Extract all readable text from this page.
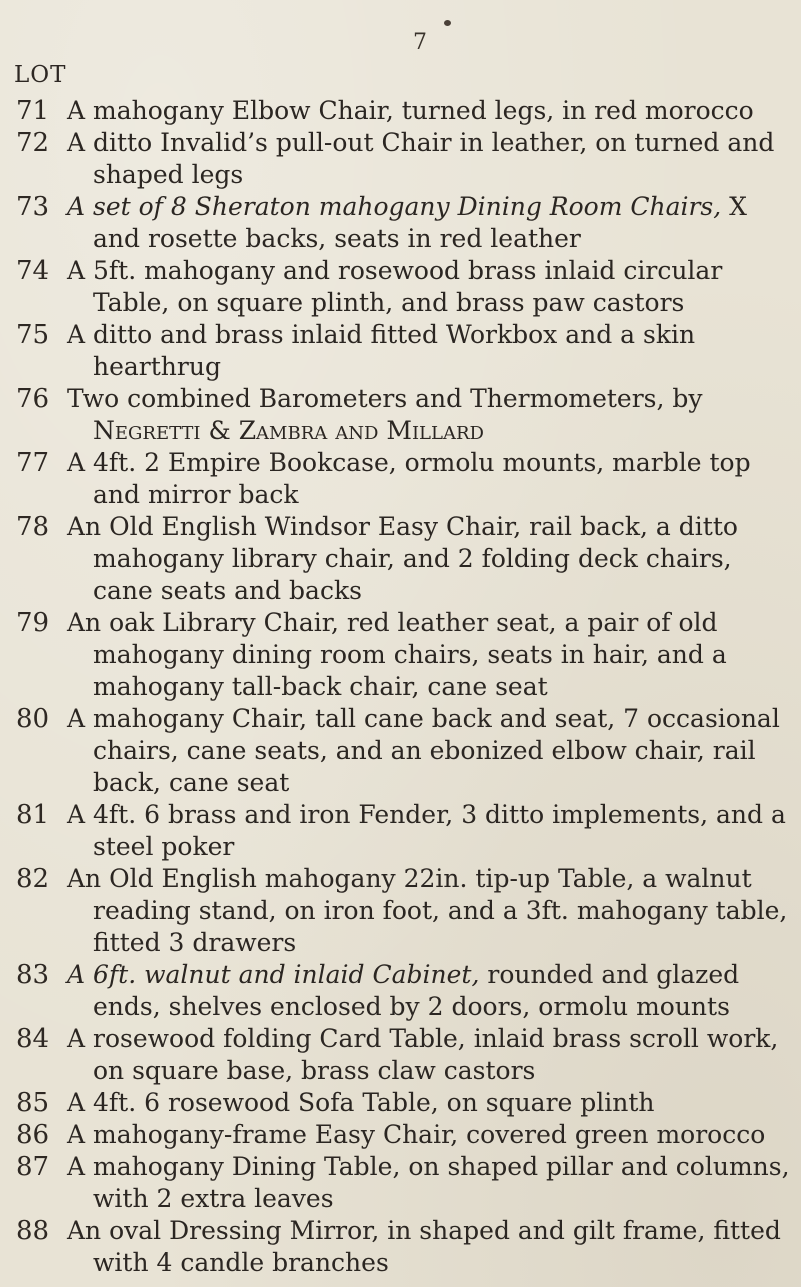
7
LOT
71 A mahogany Elbow Chair, turned legs, in red morocco
72 A ditto Invalid’s pull-out Chair in leather, on turned and shaped legs
73 A set of 8 Sheraton mahogany Dining Room Chairs, X and rosette backs, seats in red leather
74 A 5ft. mahogany and rosewood brass inlaid circular Table, on square plinth, and brass paw castors
75 A ditto and brass inlaid fitted Workbox and a skin hearthrug
76 Two combined Barometers and Thermometers, by Negretti & Zambra and Millard
77 A 4ft. 2 Empire Bookcase, ormolu mounts, marble top and mirror back
78 An Old English Windsor Easy Chair, rail back, a ditto mahogany library chair, and 2 folding deck chairs, cane seats and backs
79 An oak Library Chair, red leather seat, a pair of old mahogany dining room chairs, seats in hair, and a mahogany tall-back chair, cane seat
80 A mahogany Chair, tall cane back and seat, 7 occasional chairs, cane seats, and an ebonized elbow chair, rail back, cane seat
81 A 4ft. 6 brass and iron Fender, 3 ditto implements, and a steel poker
82 An Old English mahogany 22in. tip-up Table, a walnut reading stand, on iron foot, and a 3ft. mahogany table, fitted 3 drawers
83 A 6ft. walnut and inlaid Cabinet, rounded and glazed ends, shelves enclosed by 2 doors, ormolu mounts
84 A rosewood folding Card Table, inlaid brass scroll work, on square base, brass claw castors
85 A 4ft. 6 rosewood Sofa Table, on square plinth
86 A mahogany-frame Easy Chair, covered green morocco
87 A mahogany Dining Table, on shaped pillar and columns, with 2 extra leaves
88 An oval Dressing Mirror, in shaped and gilt frame, fitted with 4 candle branches
